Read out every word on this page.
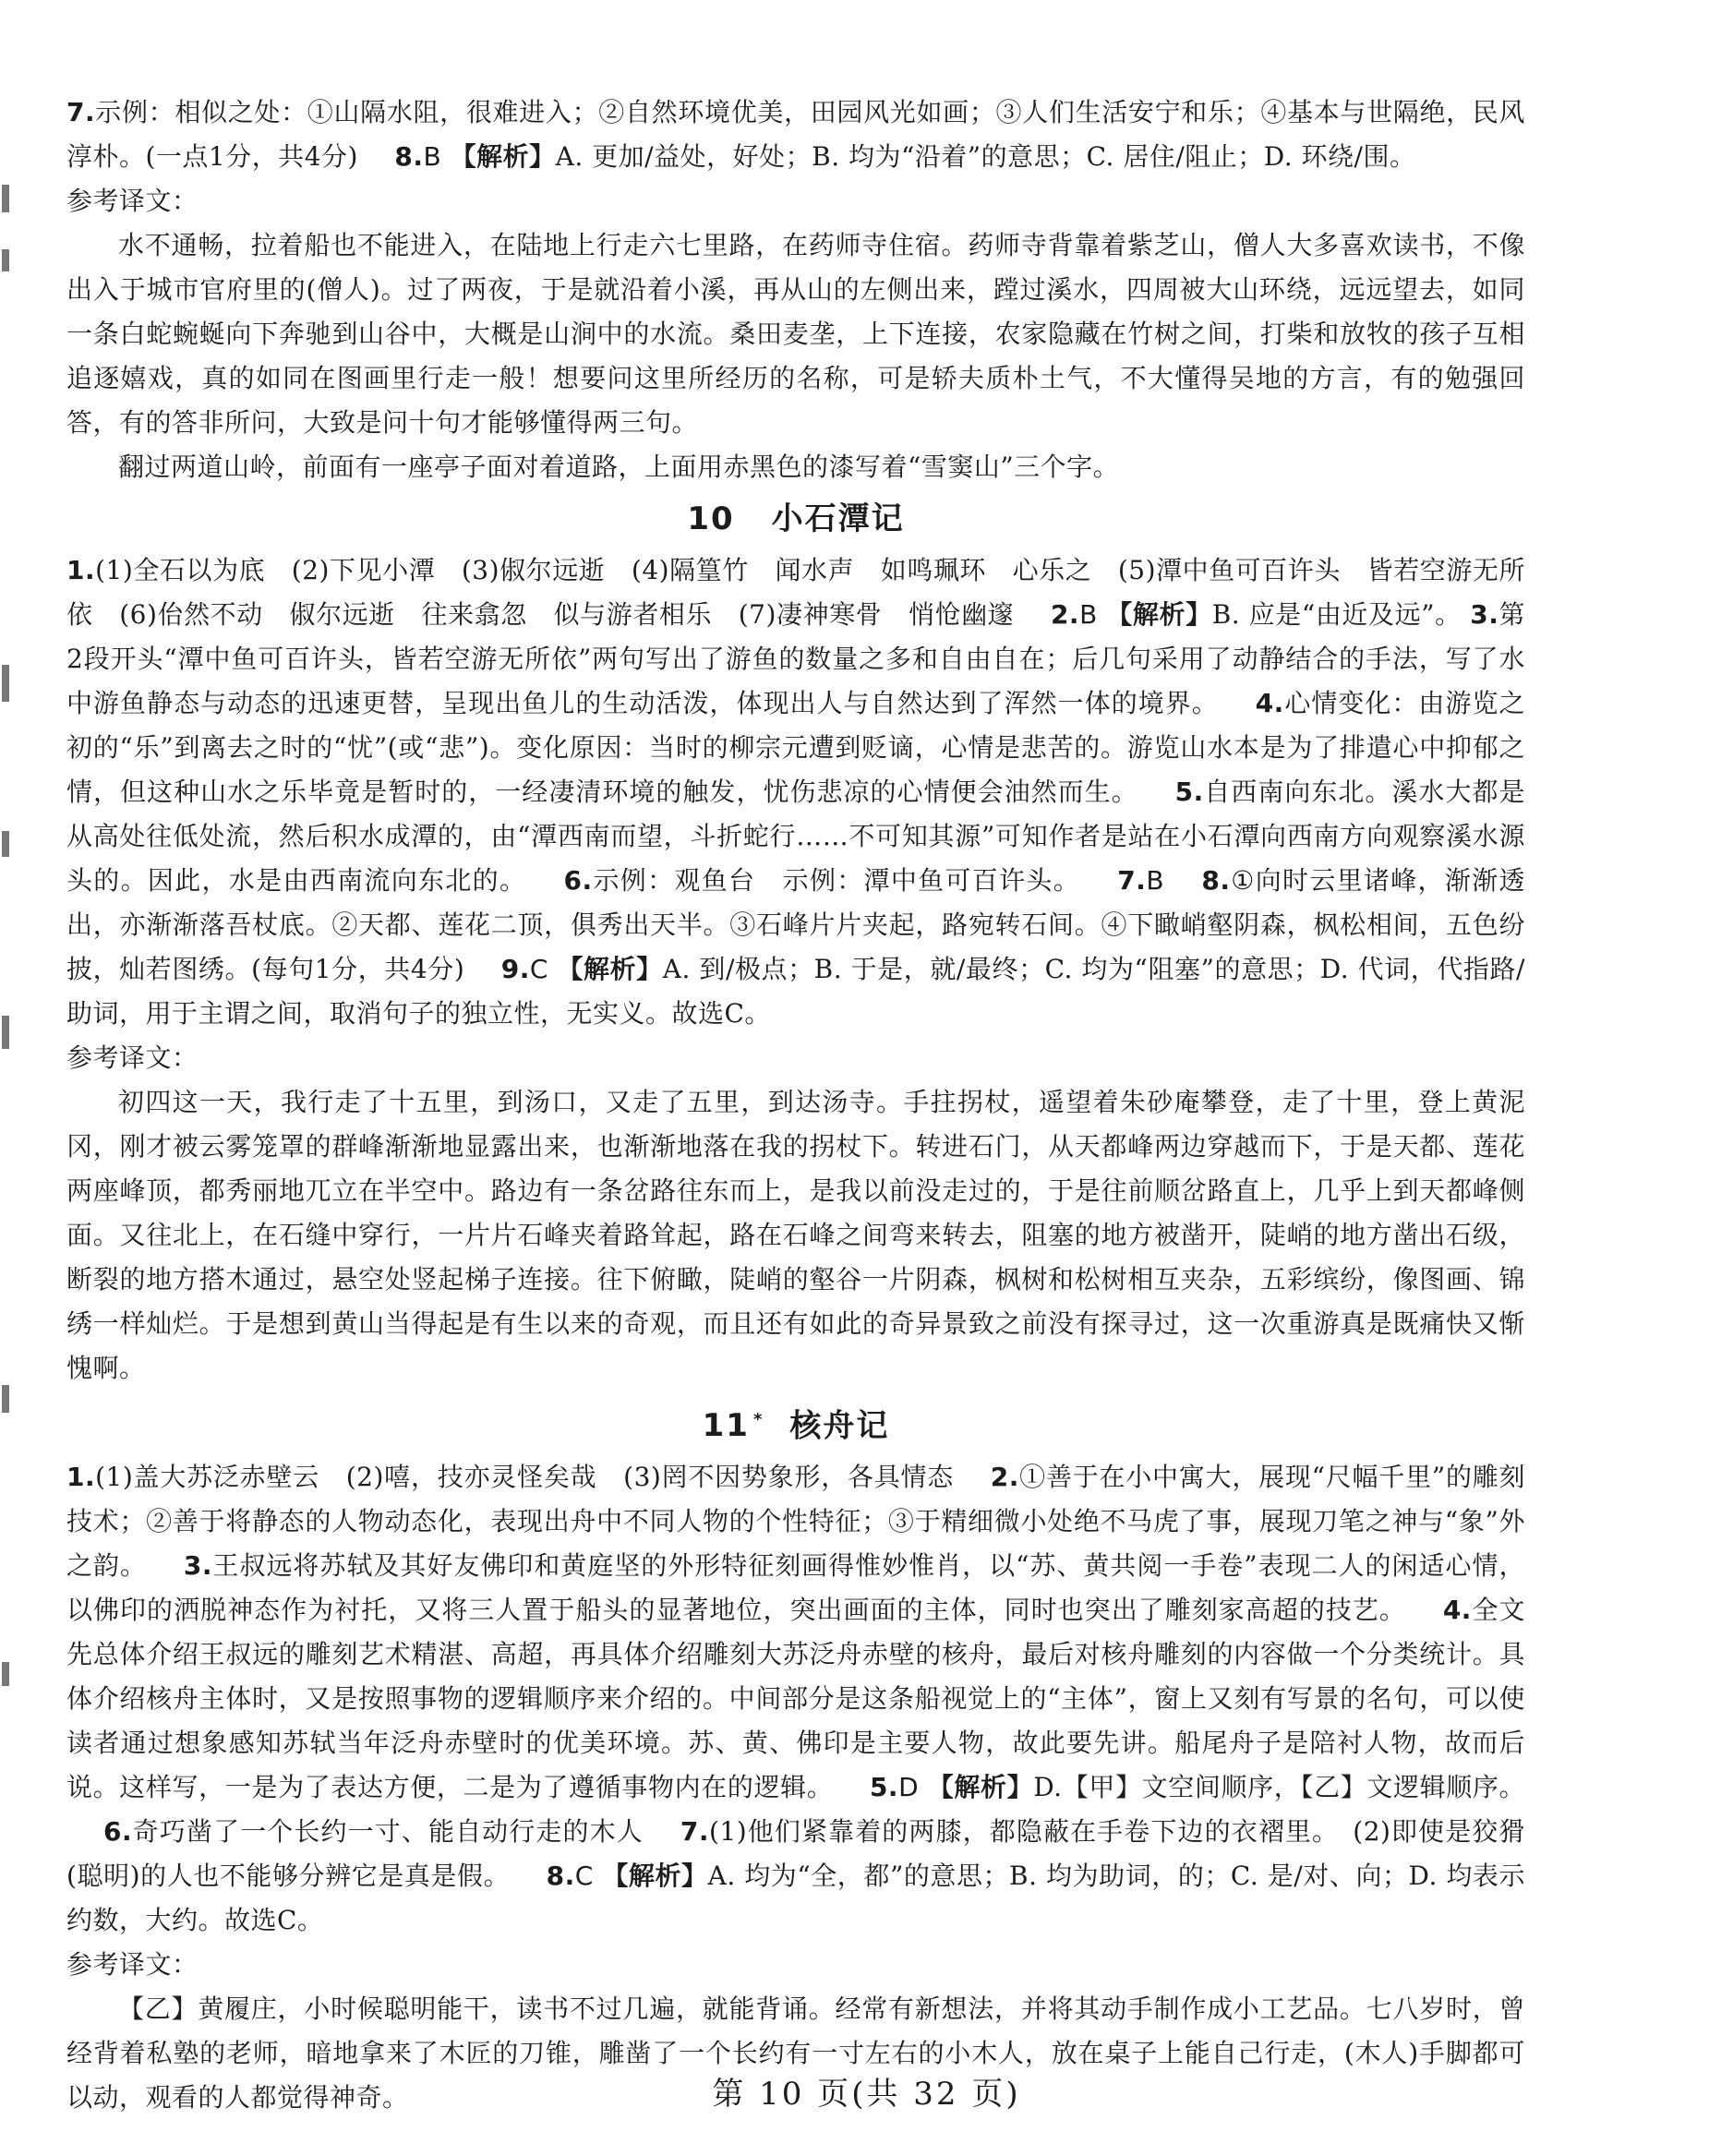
7.示例：相似之处：①山隔水阻，很难进入；②自然环境优美，田园风光如画；③人们生活安宁和乐；④基本与世隔绝，民风淳朴。(一点1分，共4分) 8.B 【解析】A. 更加/益处，好处；B. 均为“沿着”的意思；C. 居住/阻止；D. 环绕/围。

参考译文：

水不通畅，拉着船也不能进入，在陆地上行走六七里路，在药师寺住宿。药师寺背靠着紫芝山，僧人大多喜欢读书，不像出入于城市官府里的(僧人)。过了两夜，于是就沿着小溪，再从山的左侧出来，蹚过溪水，四周被大山环绕，远远望去，如同一条白蛇蜿蜒向下奔驰到山谷中，大概是山涧中的水流。桑田麦垄，上下连接，农家隐藏在竹树之间，打柴和放牧的孩子互相追逐嬉戏，真的如同在图画里行走一般！想要问这里所经历的名称，可是轿夫质朴土气，不大懂得吴地的方言，有的勉强回答，有的答非所问，大致是问十句才能够懂得两三句。

翻过两道山岭，前面有一座亭子面对着道路，上面用赤黑色的漆写着“雪窦山”三个字。

10 小石潭记

1.(1)全石以为底　(2)下见小潭　(3)俶尔远逝　(4)隔篁竹　闻水声　如鸣珮环　心乐之　(5)潭中鱼可百许头　皆若空游无所依　(6)佁然不动　俶尔远逝　往来翕忽　似与游者相乐　(7)凄神寒骨　悄怆幽邃 2.B 【解析】B. 应是“由近及远”。 3.第2段开头“潭中鱼可百许头，皆若空游无所依”两句写出了游鱼的数量之多和自由自在；后几句采用了动静结合的手法，写了水中游鱼静态与动态的迅速更替，呈现出鱼儿的生动活泼，体现出人与自然达到了浑然一体的境界。 4.心情变化：由游览之初的“乐”到离去之时的“忧”(或“悲”)。变化原因：当时的柳宗元遭到贬谪，心情是悲苦的。游览山水本是为了排遣心中抑郁之情，但这种山水之乐毕竟是暂时的，一经凄清环境的触发，忧伤悲凉的心情便会油然而生。 5.自西南向东北。溪水大都是从高处往低处流，然后积水成潭的，由“潭西南而望，斗折蛇行……不可知其源”可知作者是站在小石潭向西南方向观察溪水源头的。因此，水是由西南流向东北的。 6.示例：观鱼台　示例：潭中鱼可百许头。 7.B 8.①向时云里诸峰，渐渐透出，亦渐渐落吾杖底。②天都、莲花二顶，俱秀出天半。③石峰片片夹起，路宛转石间。④下瞰峭壑阴森，枫松相间，五色纷披，灿若图绣。(每句1分，共4分) 9.C 【解析】A. 到/极点；B. 于是，就/最终；C. 均为“阻塞”的意思；D. 代词，代指路/助词，用于主谓之间，取消句子的独立性，无实义。故选C。

参考译文：

初四这一天，我行走了十五里，到汤口，又走了五里，到达汤寺。手拄拐杖，遥望着朱砂庵攀登，走了十里，登上黄泥冈，刚才被云雾笼罩的群峰渐渐地显露出来，也渐渐地落在我的拐杖下。转进石门，从天都峰两边穿越而下，于是天都、莲花两座峰顶，都秀丽地兀立在半空中。路边有一条岔路往东而上，是我以前没走过的，于是往前顺岔路直上，几乎上到天都峰侧面。又往北上，在石缝中穿行，一片片石峰夹着路耸起，路在石峰之间弯来转去，阻塞的地方被凿开，陡峭的地方凿出石级，断裂的地方搭木通过，悬空处竖起梯子连接。往下俯瞰，陡峭的壑谷一片阴森，枫树和松树相互夹杂，五彩缤纷，像图画、锦绣一样灿烂。于是想到黄山当得起是有生以来的奇观，而且还有如此的奇异景致之前没有探寻过，这一次重游真是既痛快又惭愧啊。

11 * 核舟记

1.(1)盖大苏泛赤壁云　(2)嘻，技亦灵怪矣哉　(3)罔不因势象形，各具情态 2.①善于在小中寓大，展现“尺幅千里”的雕刻技术；②善于将静态的人物动态化，表现出舟中不同人物的个性特征；③于精细微小处绝不马虎了事，展现刀笔之神与“象”外之韵。 3.王叔远将苏轼及其好友佛印和黄庭坚的外形特征刻画得惟妙惟肖，以“苏、黄共阅一手卷”表现二人的闲适心情，以佛印的洒脱神态作为衬托，又将三人置于船头的显著地位，突出画面的主体，同时也突出了雕刻家高超的技艺。 4.全文先总体介绍王叔远的雕刻艺术精湛、高超，再具体介绍雕刻大苏泛舟赤壁的核舟，最后对核舟雕刻的内容做一个分类统计。具体介绍核舟主体时，又是按照事物的逻辑顺序来介绍的。中间部分是这条船视觉上的“主体”，窗上又刻有写景的名句，可以使读者通过想象感知苏轼当年泛舟赤壁时的优美环境。苏、黄、佛印是主要人物，故此要先讲。船尾舟子是陪衬人物，故而后说。这样写，一是为了表达方便，二是为了遵循事物内在的逻辑。 5.D 【解析】D.【甲】文空间顺序，【乙】文逻辑顺序。 6.奇巧凿了一个长约一寸、能自动行走的木人 7.(1)他们紧靠着的两膝，都隐蔽在手卷下边的衣褶里。　(2)即使是狡猾(聪明)的人也不能够分辨它是真是假。 8.C 【解析】A. 均为“全，都”的意思；B. 均为助词，的；C. 是/对、向；D. 均表示约数，大约。故选C。

参考译文：

【乙】黄履庄，小时候聪明能干，读书不过几遍，就能背诵。经常有新想法，并将其动手制作成小工艺品。七八岁时，曾经背着私塾的老师，暗地拿来了木匠的刀锥，雕凿了一个长约有一寸左右的小木人，放在桌子上能自己行走，(木人)手脚都可以动，观看的人都觉得神奇。	第 10 页(共 32 页)
